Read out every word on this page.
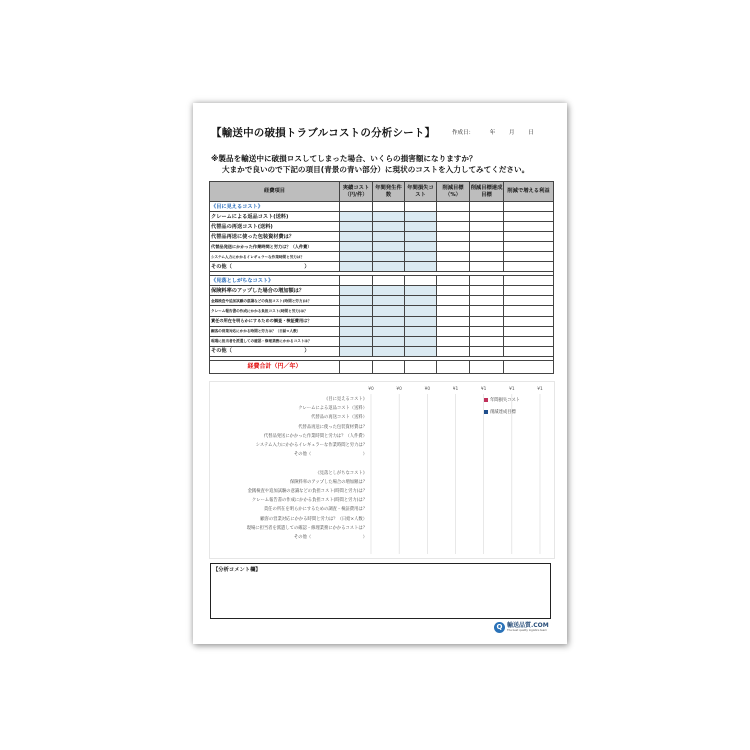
【輸送中の破損トラブルコストの分析シート】	作成日：	年	月	日
※製品を輸送中に破損ロスしてしまった場合、いくらの損害額になりますか？
大まかで良いので下記の項目(青景の青い部分）に現状のコストを入力してみてください。
経費項目	実績コスト（円/件）	年間発生件数	年間損失コスト	削減目標（%）	削減目標達成目標	削減で増える利益
《目に見えるコスト》						
クレームによる返品コスト(送料)						
代替品の再送コスト(送料)						
代替品再送に使った包装資材費は？						
代替品発送にかかった作業時間と労力は？（人件費）						
システム入力にかかるイレギュラーな作業時間と労力は？						
その他（　　　　　　　　　　　　　　）						

《見落としがちなコスト》						
保険料率のアップした場合の増加額は？						
金銭検査や追加試験の意識などの負担コスト(時間と労力)は？						
クレーム報告書の作成にかかる負担コスト(時間と労力)は？						
責任の所在を明らかにするための調査・検証費用は？						
顧客の営業対応にかかる時間と労力は？（日給×人数）						
現場に担当者を派遣しての確認・修理業務にかかるコストは？						
その他（　　　　　　　　　　　　　　）						

経費合計（円／年）						
年間損失コスト
削減達成目標
¥0	¥0	¥0	¥1	¥1	¥1	¥1
《目に見えるコスト》
クレームによる返品コスト（送料）
代替品の再送コスト（送料）
代替品再送に使った包装資材費は？
代替品発送にかかった作業時間と労力は？（人件費）
システム入力にかかるイレギュラーな作業時間と労力は？
その他（　　　　　　　　　　　　）
《見落としがちなコスト》
保険料率のアップした場合の増加額は？
金銭検査や追加試験の意識などの負担コスト(時間と労力)は？
クレーム報告書の作成にかかる負担コスト(時間と労力)は？
責任の所在を明らかにするための調査・検証費用は？
顧客の営業対応にかかる時間と労力は？（日給×人数）
現場に担当者を派遣しての確認・修理業務にかかるコストは？
その他（　　　　　　　　　　　　）
【分析コメント欄】
Q 輸送品質.COM
The best quality logistics team
